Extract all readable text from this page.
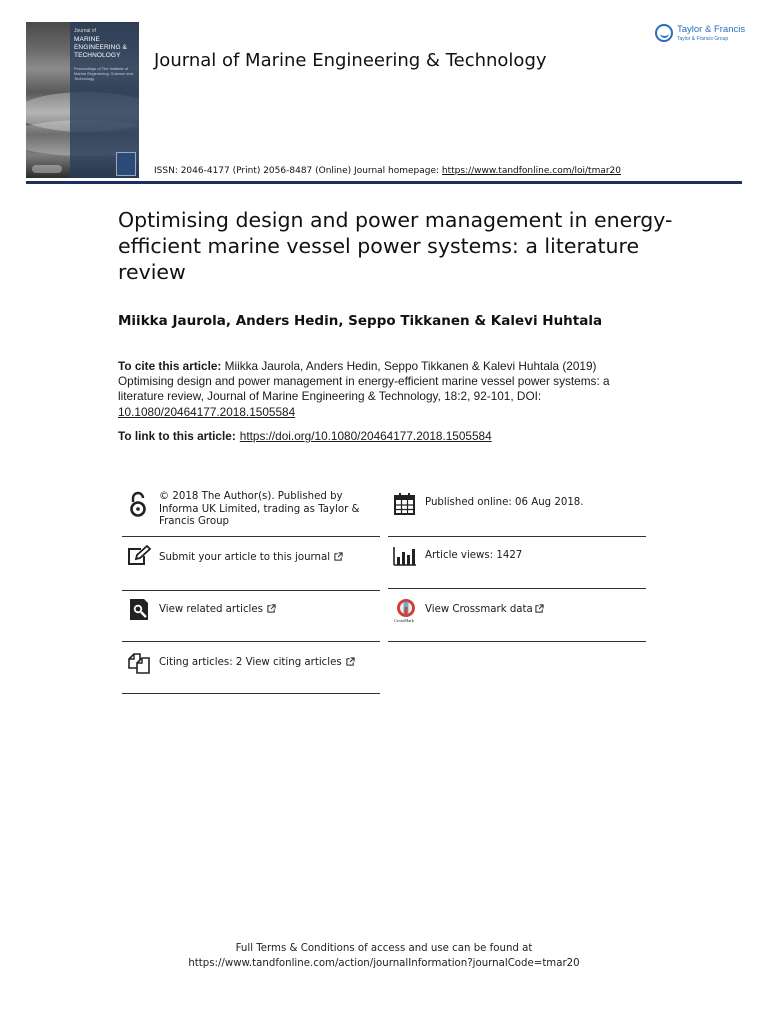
Journal of
MARINE ENGINEERING & TECHNOLOGY
Proceedings of The Institute of Marine Engineering, Science and Technology
Journal of Marine Engineering & Technology
Taylor & Francis
Taylor & Francis Group
ISSN: 2046-4177 (Print) 2056-8487 (Online) Journal homepage: https://www.tandfonline.com/loi/tmar20
Optimising design and power management in energy-efficient marine vessel power systems: a literature review
Miikka Jaurola, Anders Hedin, Seppo Tikkanen & Kalevi Huhtala
To cite this article: Miikka Jaurola, Anders Hedin, Seppo Tikkanen & Kalevi Huhtala (2019) Optimising design and power management in energy-efficient marine vessel power systems: a literature review, Journal of Marine Engineering & Technology, 18:2, 92-101, DOI: 10.1080/20464177.2018.1505584
To link to this article: https://doi.org/10.1080/20464177.2018.1505584
© 2018 The Author(s). Published by Informa UK Limited, trading as Taylor & Francis Group
Published online: 06 Aug 2018.
Submit your article to this journal	Article views: 1427
View related articles
CrossMark
View Crossmark data
Citing articles: 2 View citing articles
Full Terms & Conditions of access and use can be found at
https://www.tandfonline.com/action/journalInformation?journalCode=tmar20
